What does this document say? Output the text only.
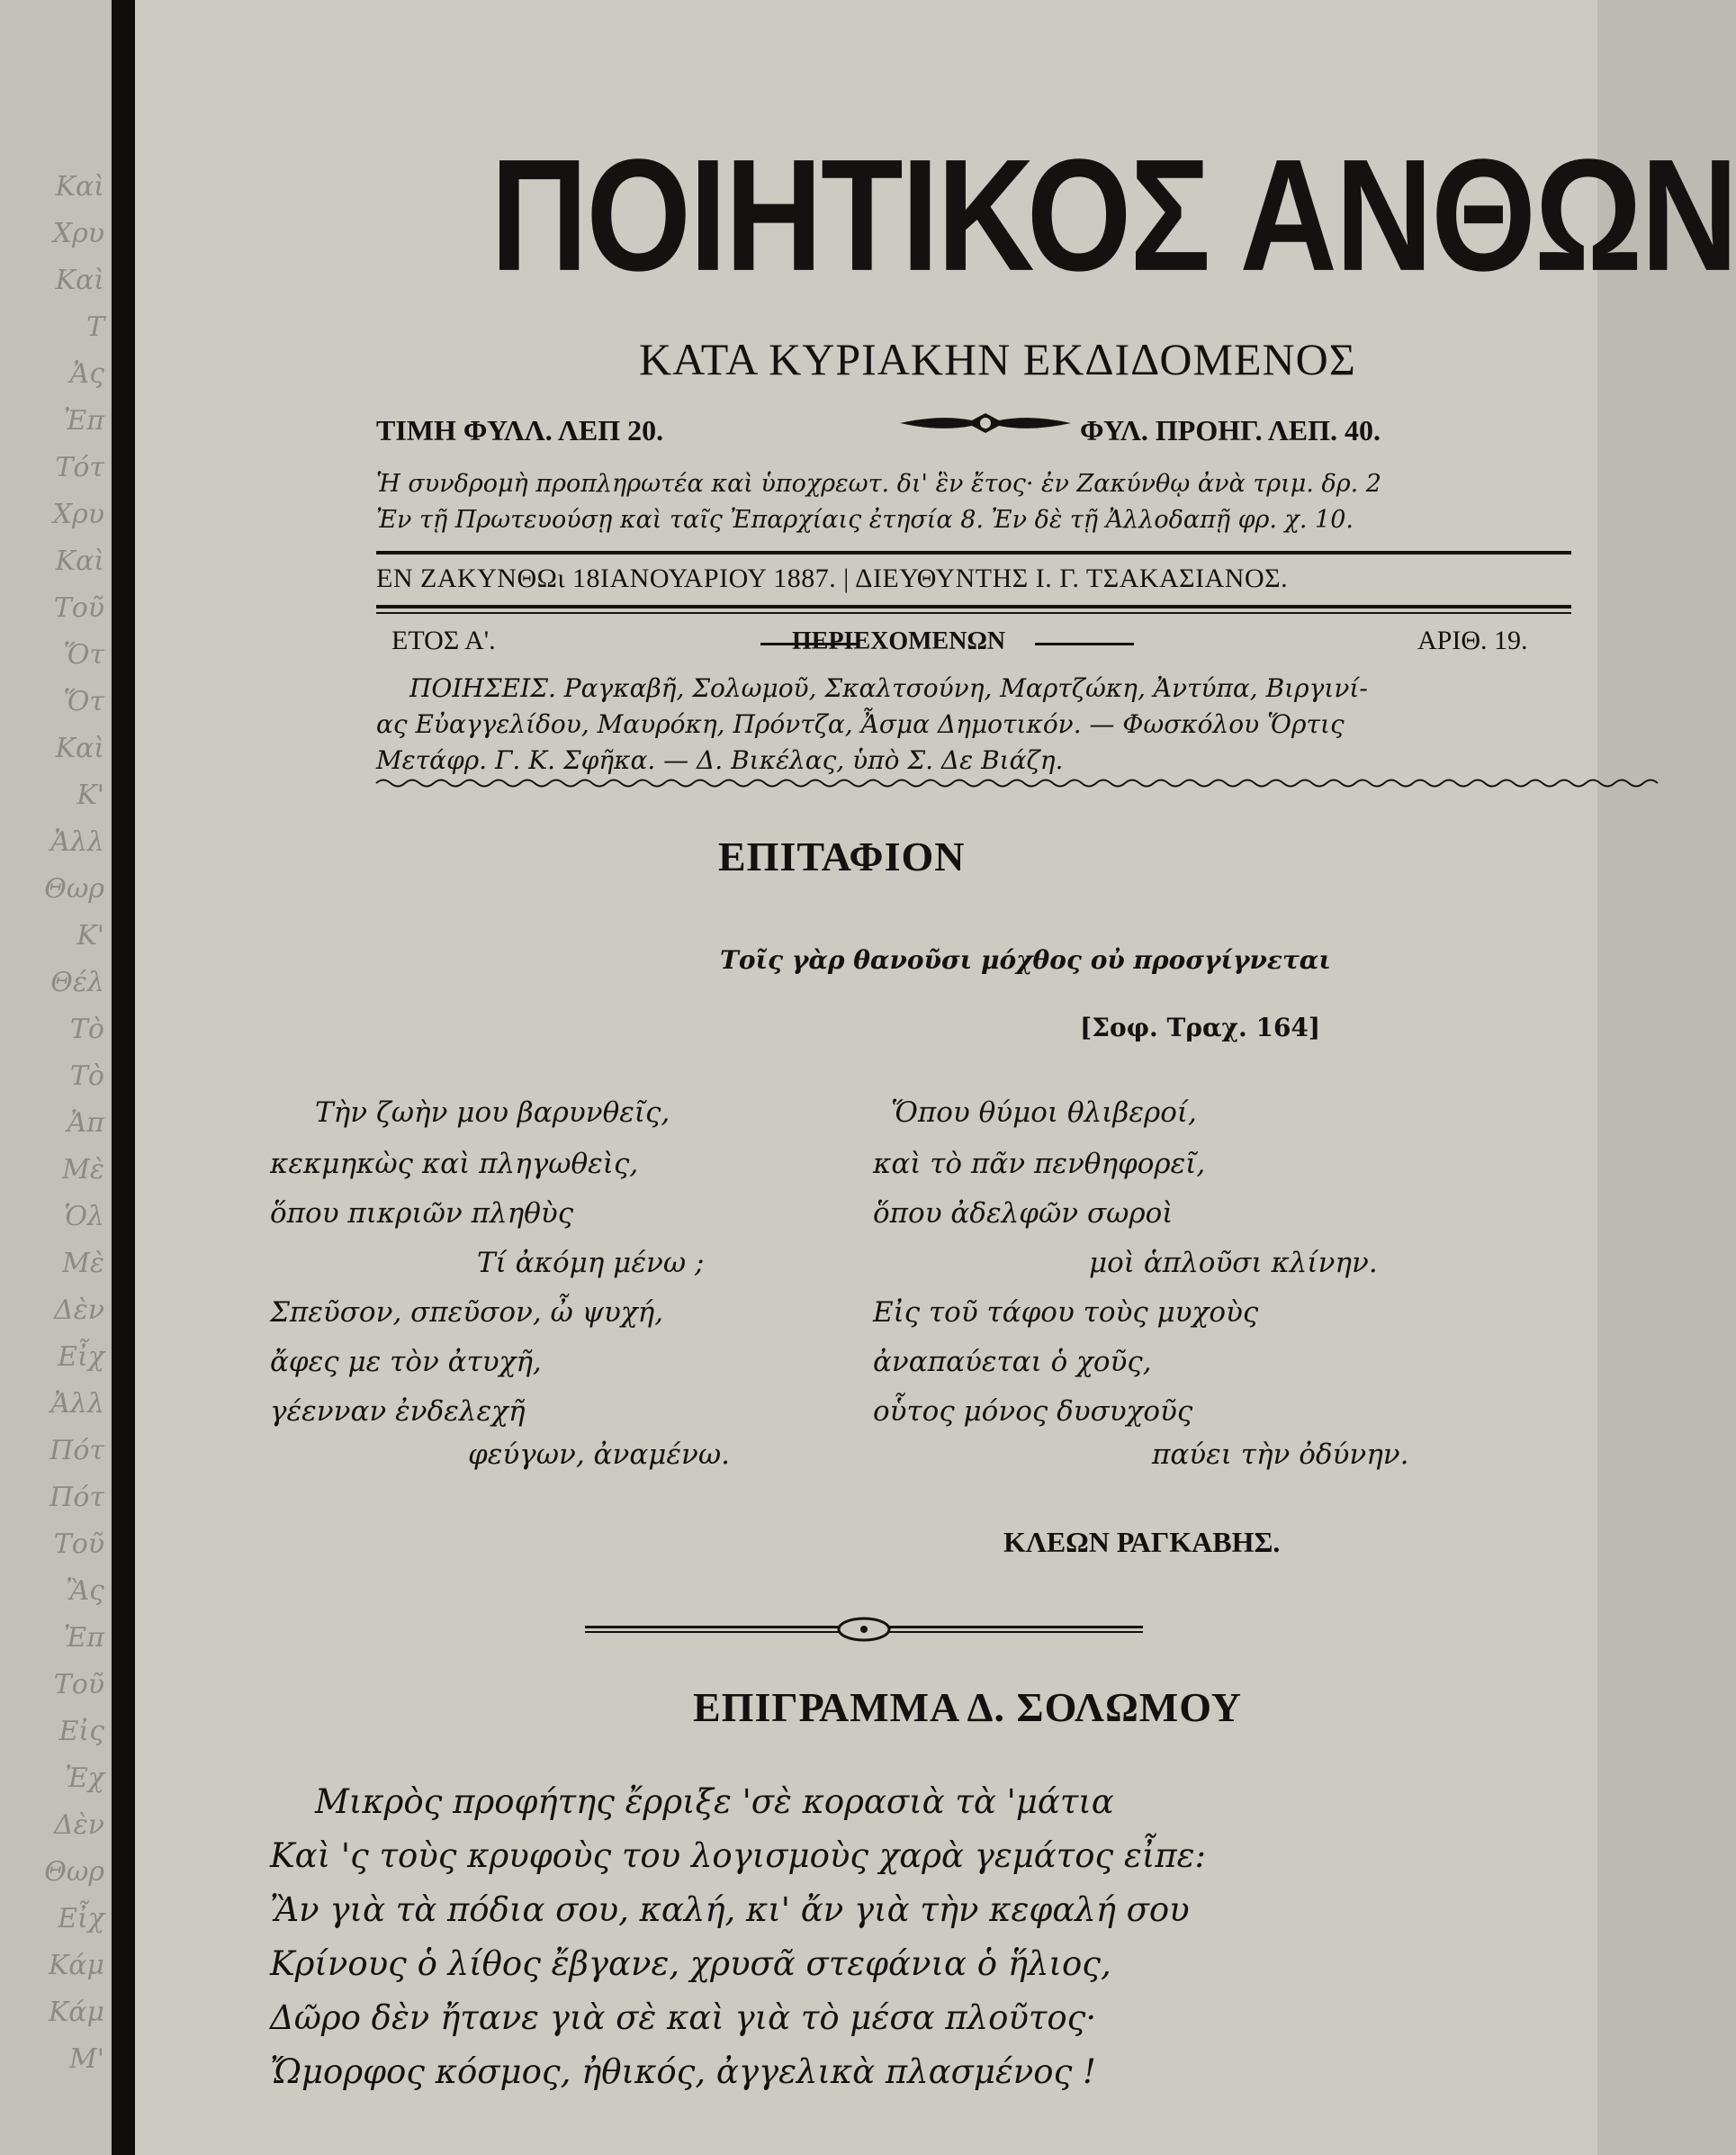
Καὶ
Χρυ
Καὶ
Τ
Ἀς
Ἐπ
Τότ
Χρυ
Καὶ
Τοῦ
Ὅτ
Ὅτ
Καὶ
Κ'
Ἀλλ
Θωρ
Κ'
Θέλ
Τὸ
Τὸ
Ἀπ
Μὲ
Ὁλ
Μὲ
Δὲν
Εἶχ
Ἀλλ
Πότ
Πότ
Τοῦ
Ἂς
Ἐπ
Τοῦ
Εἰς
Ἐχ
Δὲν
Θωρ
Εἶχ
Κάμ
Κάμ
Μ'
ΠΟΙΗΤΙΚΟΣ ΑΝΘΩΝ
ΚΑΤΑ ΚΥΡΙΑΚΗΝ ΕΚΔΙΔΟΜΕΝΟΣ
ΤΙΜΗ ΦΥΛΛ. ΛΕΠ 20.	ΦΥΛ. ΠΡΟΗΓ. ΛΕΠ. 40.
Ἡ συνδρομὴ προπληρωτέα καὶ ὑποχρεωτ. δι' ἓν ἔτος· ἐν Ζακύνθῳ ἀνὰ τριμ. δρ. 2
Ἐν τῇ Πρωτευούσῃ καὶ ταῖς Ἐπαρχίαις ἐτησία 8. Ἐν δὲ τῇ Ἀλλοδαπῇ φρ. χ. 10.
ΕΝ ΖΑΚΥΝΘΩι 18ΙΑΝΟΥΑΡΙΟΥ 1887. | ΔΙΕΥΘΥΝΤΗΣ Ι. Γ. ΤΣΑΚΑΣΙΑΝΟΣ.
ΕΤΟΣ Α'.	ΠΕΡΙΕΧΟΜΕΝΩΝ	ΑΡΙΘ. 19.
ΠΟΙΗΣΕΙΣ. Ραγκαβῆ, Σολωμοῦ, Σκαλτσούνη, Μαρτζώκη, Ἀντύπα, Βιργινί-
ας Εὐαγγελίδου, Μαυρόκη, Πρόντζα, Ἆσμα Δημοτικόν. — Φωσκόλου Ὅρτις
Μετάφρ. Γ. Κ. Σφῆκα. — Δ. Βικέλας, ὑπὸ Σ. Δε Βιάζη.
ΕΠΙΤΑΦΙΟΝ
Τοῖς γὰρ θανοῦσι μόχθος οὐ προσγίγνεται
[Σοφ. Τραχ. 164]
Τὴν ζωὴν μου βαρυνθεῖς,
κεκμηκὼς καὶ πληγωθεὶς,
ὅπου πικριῶν πληθὺς
Τί ἀκόμη μένω ;
Σπεῦσον, σπεῦσον, ὦ ψυχή,
ἄφες με τὸν ἀτυχῆ,
γέενναν ἐνδελεχῆ
φεύγων, ἀναμένω.
Ὅπου θύμοι θλιβεροί,
καὶ τὸ πᾶν πενθηφορεῖ,
ὅπου ἀδελφῶν σωροὶ
μοὶ ἁπλοῦσι κλίνην.
Εἰς τοῦ τάφου τοὺς μυχοὺς
ἀναπαύεται ὁ χοῦς,
οὗτος μόνος δυσυχοῦς
παύει τὴν ὀδύνην.
ΚΛΕΩΝ ΡΑΓΚΑΒΗΣ.
ΕΠΙΓΡΑΜΜΑ Δ. ΣΟΛΩΜΟΥ
Μικρὸς προφήτης ἔρριξε 'σὲ κορασιὰ τὰ 'μάτια
Καὶ 'ς τοὺς κρυφοὺς του λογισμοὺς χαρὰ γεμάτος εἶπε:
Ἂν γιὰ τὰ πόδια σου, καλή, κι' ἄν γιὰ τὴν κεφαλή σου
Κρίνους ὁ λίθος ἔβγανε, χρυσᾶ στεφάνια ὁ ἥλιος,
Δῶρο δὲν ἤτανε γιὰ σὲ καὶ γιὰ τὸ μέσα πλοῦτος·
Ὤμορφος κόσμος, ἠθικός, ἀγγελικὰ πλασμένος !
